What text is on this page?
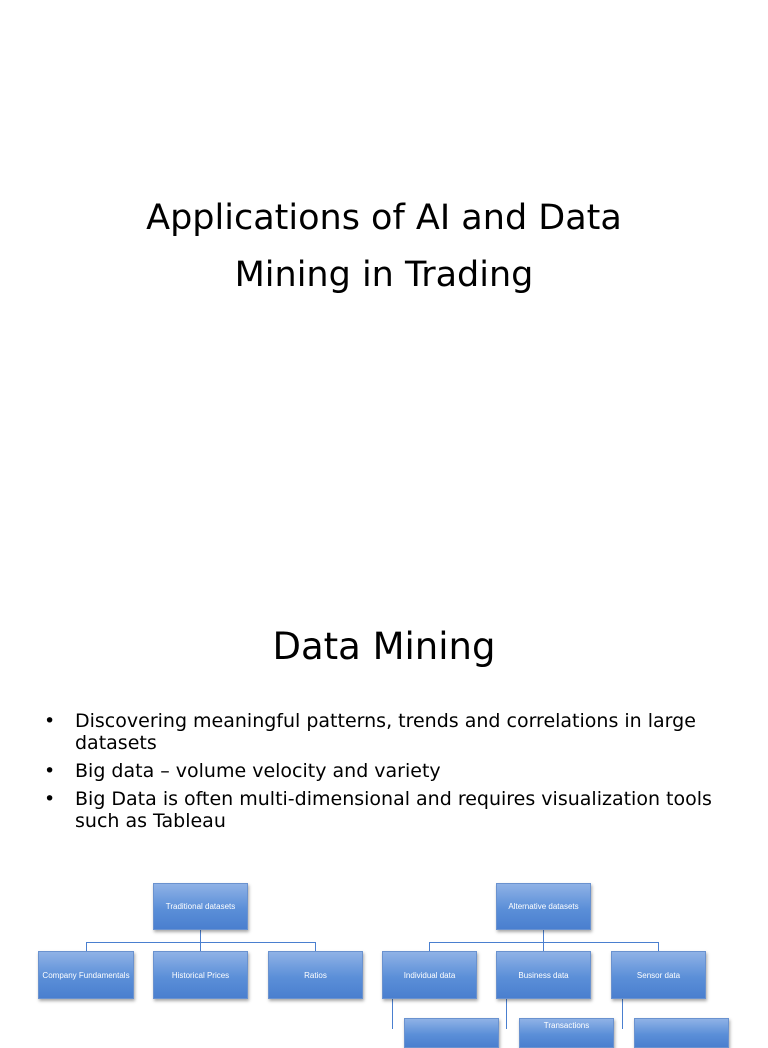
Applications of AI and Data
Mining in Trading
Data Mining
• Discovering meaningful patterns, trends and correlations in large datasets
• Big data – volume velocity and variety
• Big Data is often multi-dimensional and requires visualization tools such as Tableau
Traditional datasets
Company Fundamentals	Historical Prices	Ratios
Alternative datasets
Individual data	Business data	Sensor data
Transactions
